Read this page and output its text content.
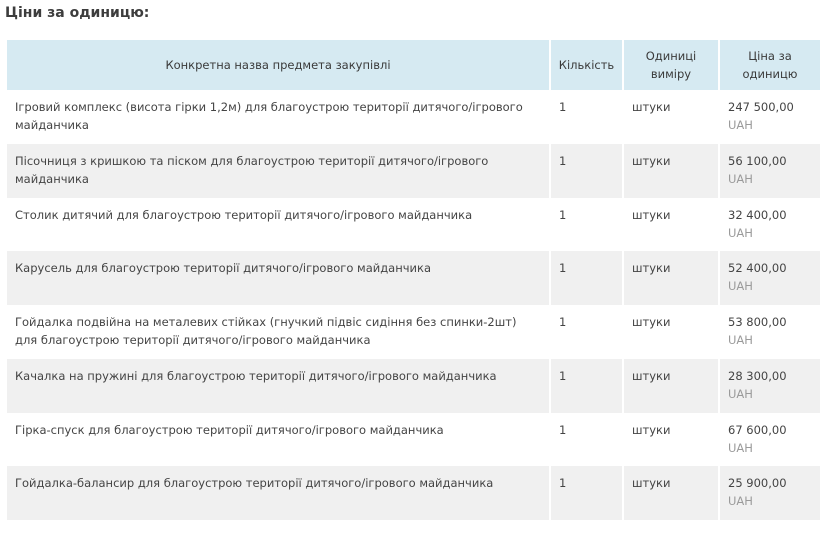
Ціни за одиницю:
Конкретна назва предмета закупівлі	Кількість	Одиниці виміру	Ціна за одиницю
Ігровий комплекс (висота гірки 1,2м) для благоустрою території дитячого/ігрового майданчика	1	штуки	247 500,00
UAH

Пісочниця з кришкою та піском для благоустрою території дитячого/ігрового майданчика	1	штуки	56 100,00
UAH

Столик дитячий для благоустрою території дитячого/ігрового майданчика	1	штуки	32 400,00
UAH

Карусель для благоустрою території дитячого/ігрового майданчика	1	штуки	52 400,00
UAH

Гойдалка подвійна на металевих стійках (гнучкий підвіс сидіння без спинки-2шт) для благоустрою території дитячого/ігрового майданчика	1	штуки	53 800,00
UAH

Качалка на пружині для благоустрою території дитячого/ігрового майданчика	1	штуки	28 300,00
UAH

Гірка-спуск для благоустрою території дитячого/ігрового майданчика	1	штуки	67 600,00
UAH

Гойдалка-балансир для благоустрою території дитячого/ігрового майданчика	1	штуки	25 900,00
UAH
